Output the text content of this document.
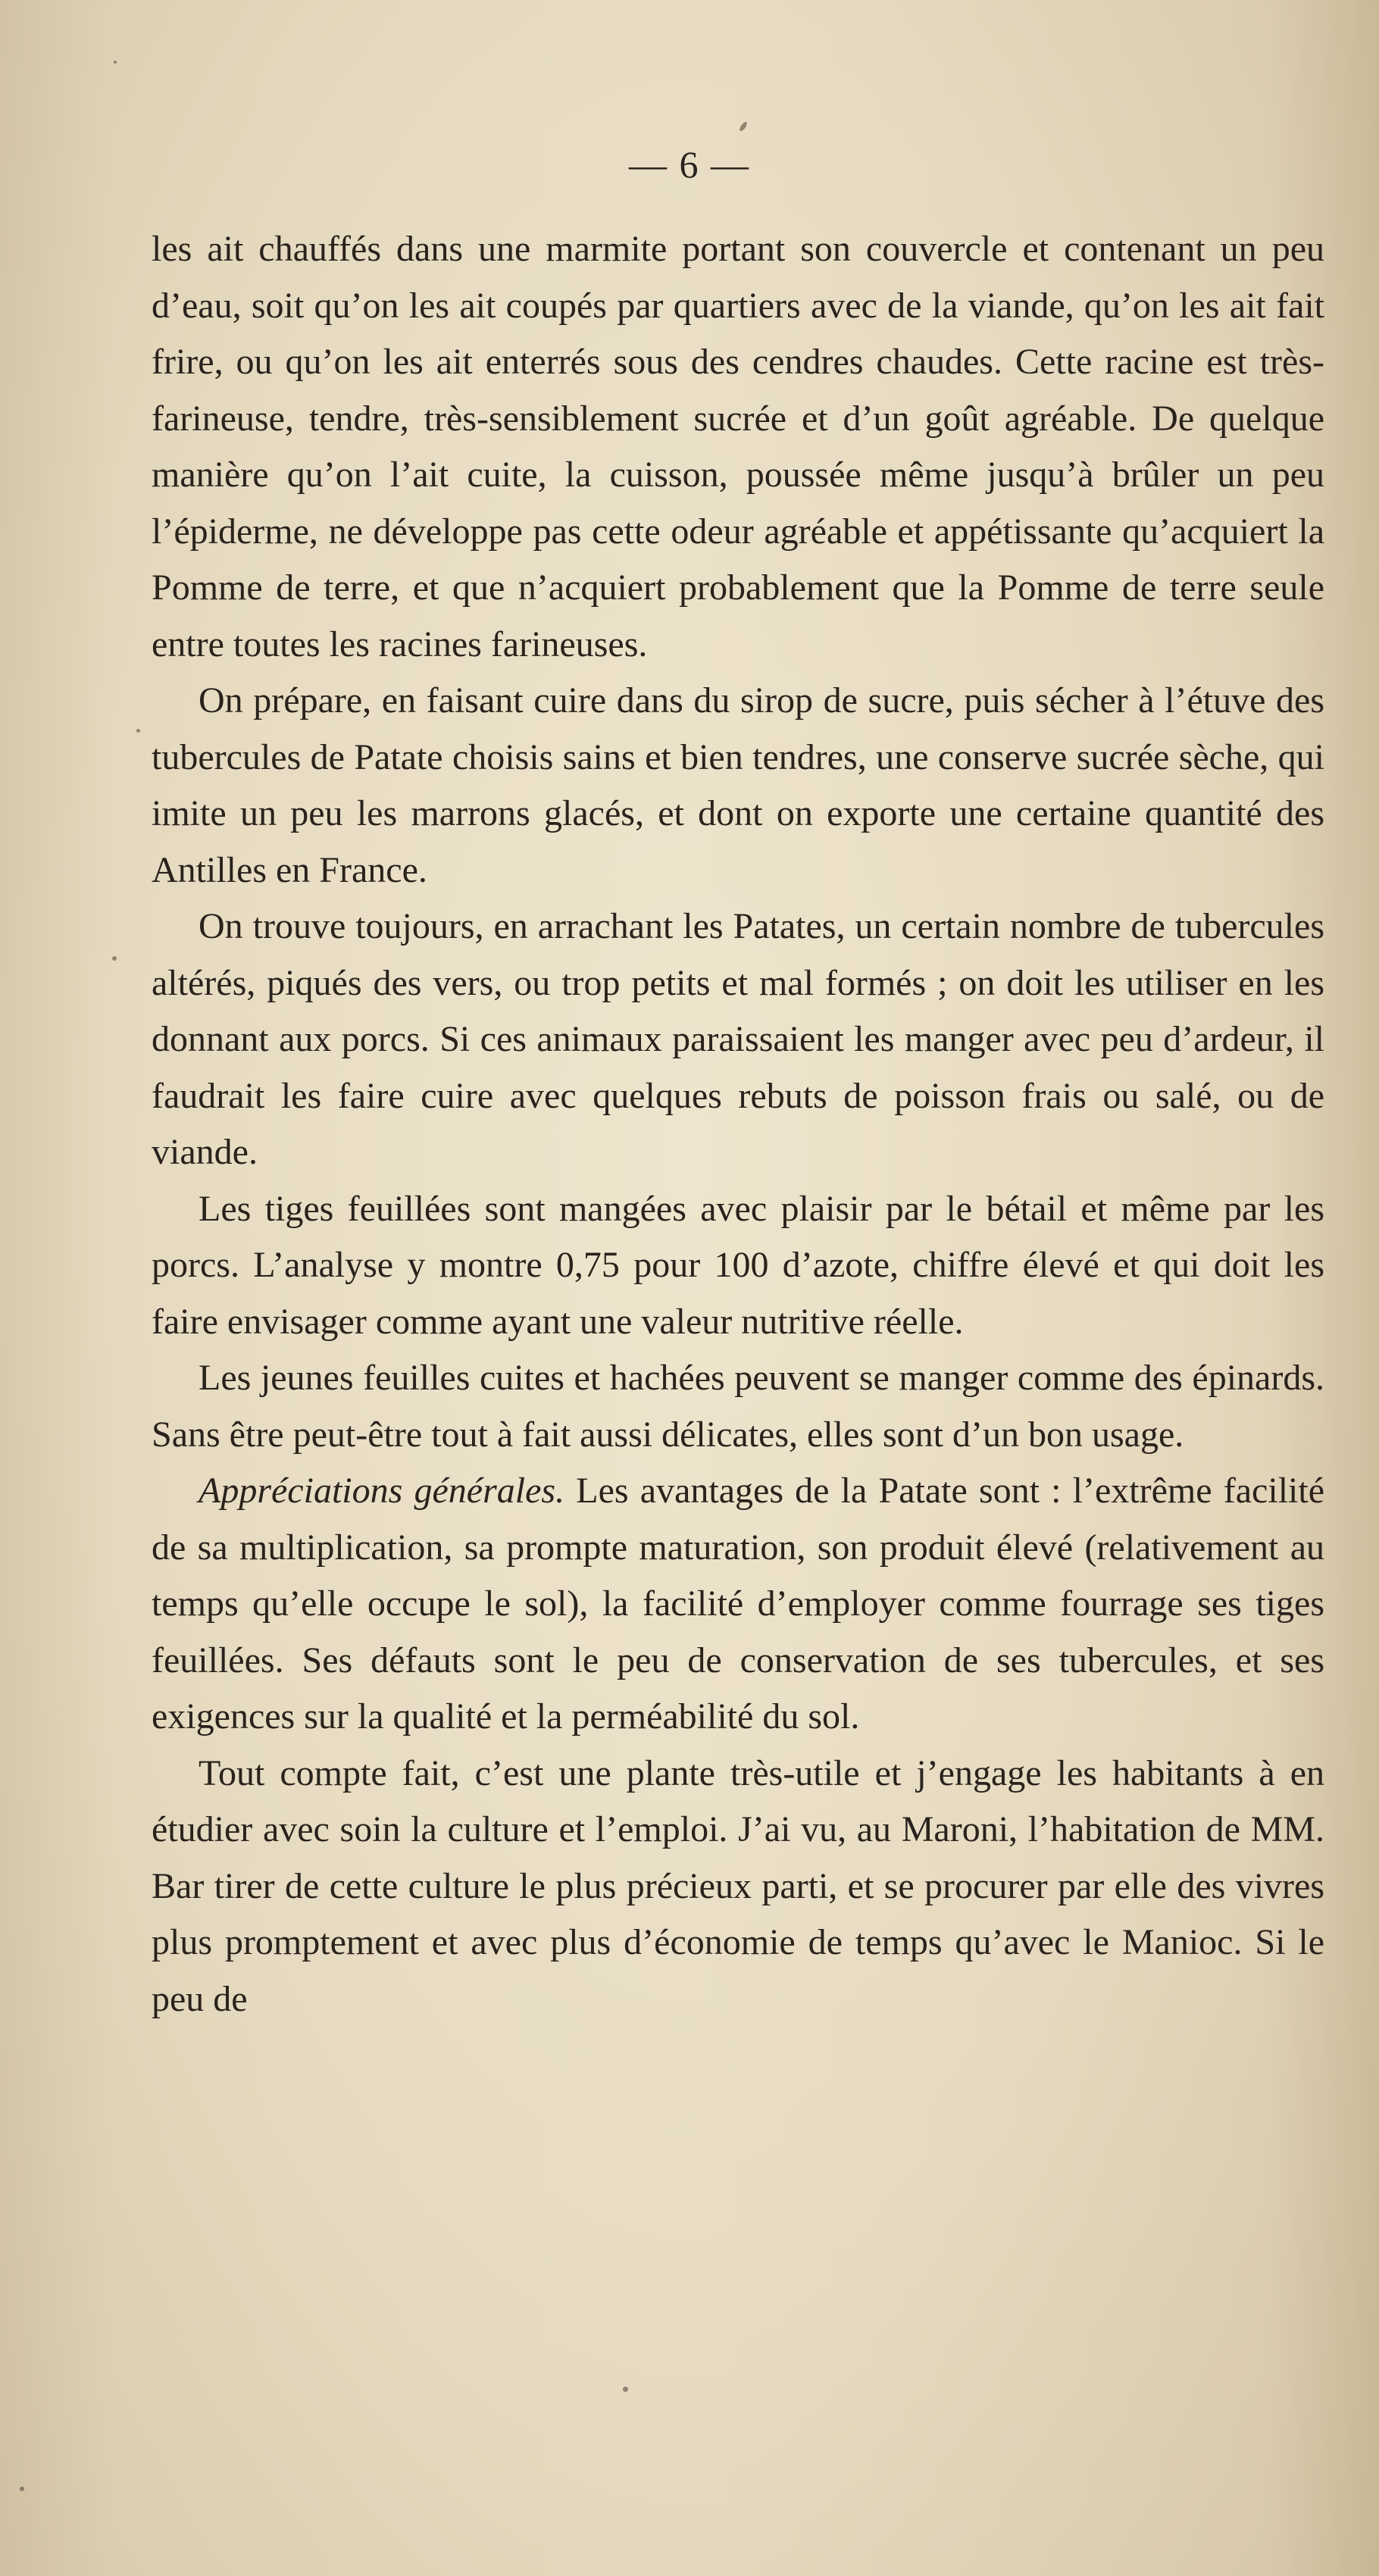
— 6 —

les ait chauffés dans une marmite portant son couvercle et contenant un peu d’eau, soit qu’on les ait coupés par quartiers avec de la viande, qu’on les ait fait frire, ou qu’on les ait enterrés sous des cendres chaudes. Cette racine est très-farineuse, tendre, très-sensiblement sucrée et d’un goût agréable. De quelque manière qu’on l’ait cuite, la cuisson, poussée même jusqu’à brûler un peu l’épiderme, ne développe pas cette odeur agréable et appétissante qu’acquiert la Pomme de terre, et que n’acquiert probablement que la Pomme de terre seule entre toutes les racines farineuses.

On prépare, en faisant cuire dans du sirop de sucre, puis sécher à l’étuve des tubercules de Patate choisis sains et bien tendres, une conserve sucrée sèche, qui imite un peu les marrons glacés, et dont on exporte une certaine quantité des Antilles en France.

On trouve toujours, en arrachant les Patates, un certain nombre de tubercules altérés, piqués des vers, ou trop petits et mal formés ; on doit les utiliser en les donnant aux porcs. Si ces animaux paraissaient les manger avec peu d’ardeur, il faudrait les faire cuire avec quelques rebuts de poisson frais ou salé, ou de viande.

Les tiges feuillées sont mangées avec plaisir par le bétail et même par les porcs. L’analyse y montre 0,75 pour 100 d’azote, chiffre élevé et qui doit les faire envisager comme ayant une valeur nutritive réelle.

Les jeunes feuilles cuites et hachées peuvent se manger comme des épinards. Sans être peut-être tout à fait aussi délicates, elles sont d’un bon usage.

Appréciations générales. Les avantages de la Patate sont : l’extrême facilité de sa multiplication, sa prompte maturation, son produit élevé (relativement au temps qu’elle occupe le sol), la facilité d’employer comme fourrage ses tiges feuillées. Ses défauts sont le peu de conservation de ses tubercules, et ses exigences sur la qualité et la perméabilité du sol.

Tout compte fait, c’est une plante très-utile et j’engage les habitants à en étudier avec soin la culture et l’emploi. J’ai vu, au Maroni, l’habitation de MM. Bar tirer de cette culture le plus précieux parti, et se procurer par elle des vivres plus promptement et avec plus d’économie de temps qu’avec le Manioc. Si le peu de
